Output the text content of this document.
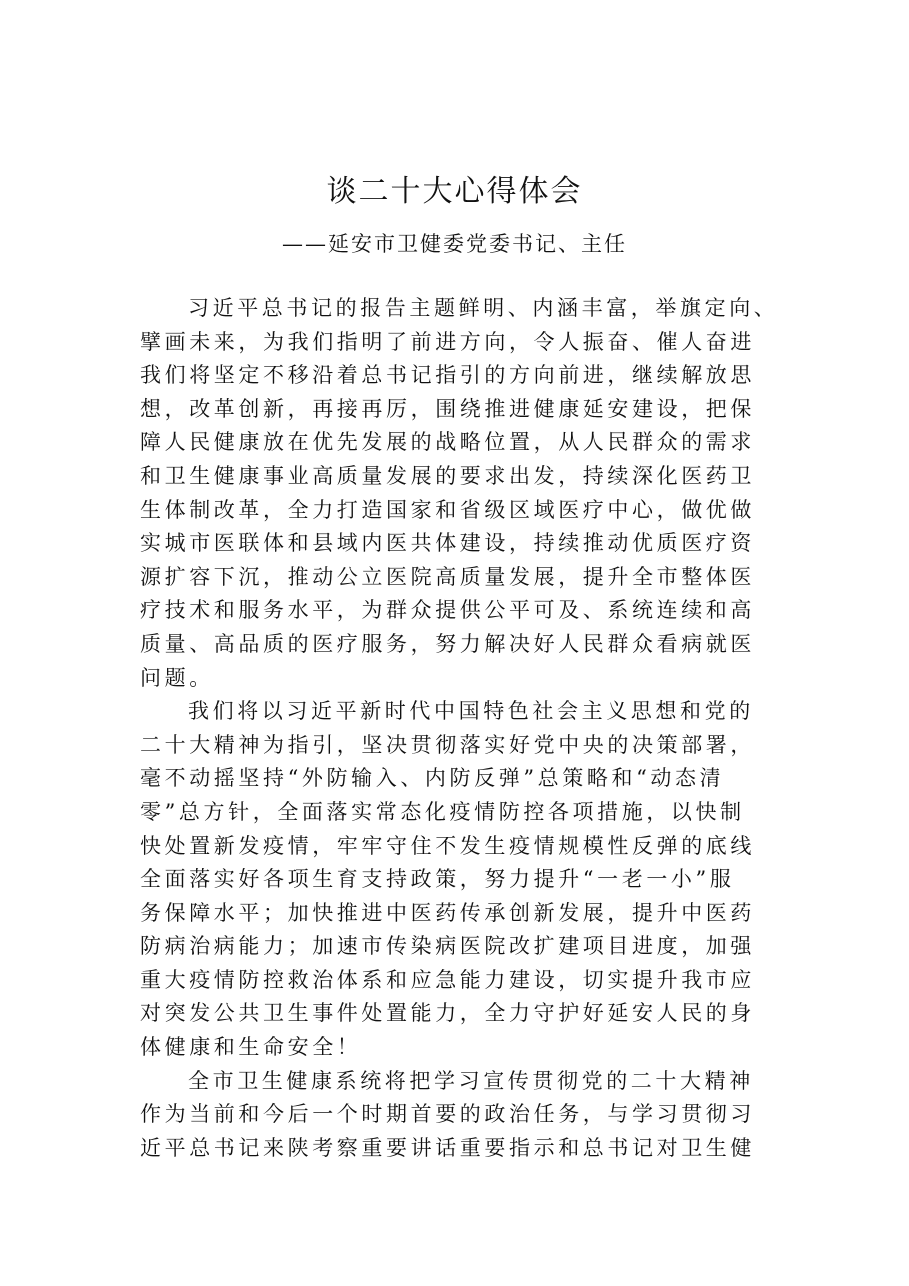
谈二十大心得体会
——延安市卫健委党委书记、主任
习近平总书记的报告主题鲜明、内涵丰富，举旗定向、
擘画未来，为我们指明了前进方向，令人振奋、催人奋进
我们将坚定不移沿着总书记指引的方向前进，继续解放思
想，改革创新，再接再厉，围绕推进健康延安建设，把保
障人民健康放在优先发展的战略位置，从人民群众的需求
和卫生健康事业高质量发展的要求出发，持续深化医药卫
生体制改革，全力打造国家和省级区域医疗中心，做优做
实城市医联体和县域内医共体建设，持续推动优质医疗资
源扩容下沉，推动公立医院高质量发展，提升全市整体医
疗技术和服务水平，为群众提供公平可及、系统连续和高
质量、高品质的医疗服务，努力解决好人民群众看病就医
问题。
我们将以习近平新时代中国特色社会主义思想和党的
二十大精神为指引，坚决贯彻落实好党中央的决策部署，
毫不动摇坚持“外防输入、内防反弹”总策略和“动态清
零”总方针，全面落实常态化疫情防控各项措施，以快制
快处置新发疫情，牢牢守住不发生疫情规模性反弹的底线
全面落实好各项生育支持政策，努力提升“一老一小”服
务保障水平；加快推进中医药传承创新发展，提升中医药
防病治病能力；加速市传染病医院改扩建项目进度，加强
重大疫情防控救治体系和应急能力建设，切实提升我市应
对突发公共卫生事件处置能力，全力守护好延安人民的身
体健康和生命安全！
全市卫生健康系统将把学习宣传贯彻党的二十大精神
作为当前和今后一个时期首要的政治任务，与学习贯彻习
近平总书记来陕考察重要讲话重要指示和总书记对卫生健
